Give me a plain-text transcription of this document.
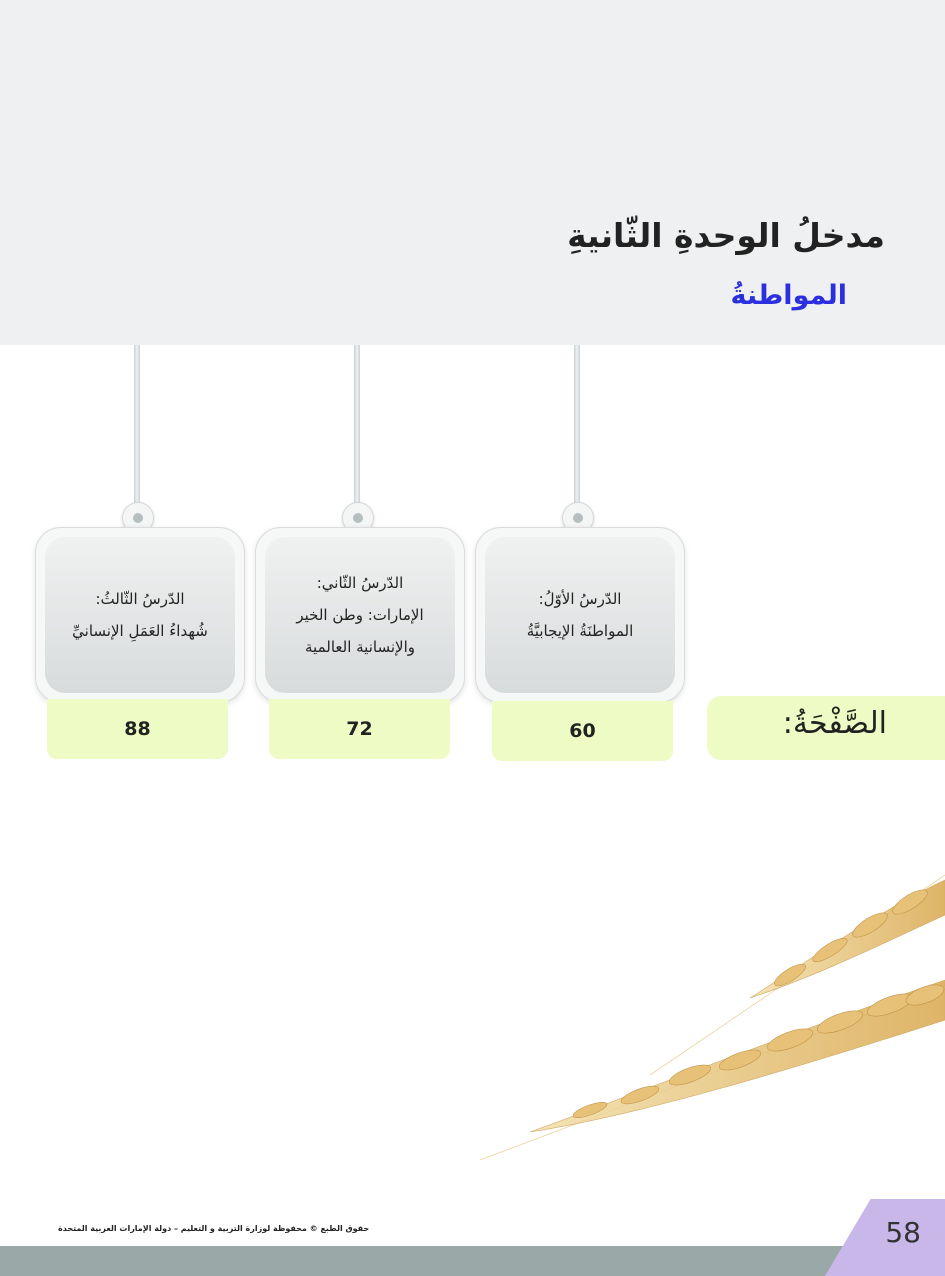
مدخلُ الوحدةِ الثّانيةِ
المواطنةُ
الدّرسُ الثّالثُ:
شُهداءُ العَمَلِ الإنسانيِّ
الدّرسُ الثّاني:
الإمارات: وطن الخير
والإنسانية العالمية
الدّرسُ الأوّلُ:
المواطنَةُ الإيجابيَّةُ
88	72	60	الصَّفْحَةُ:
58
حقوق الطبع © محفوظة لوزارة التربية و التعليم – دولة الإمارات العربية المتحدة
